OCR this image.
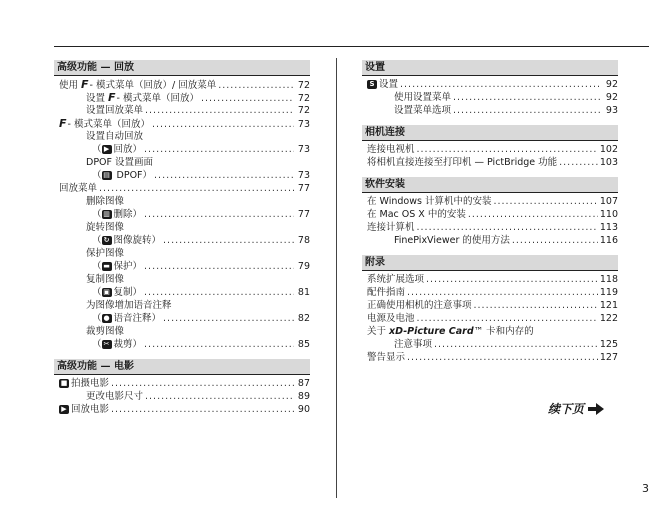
高级功能 — 回放
使用 F- 模式菜单（回放）/ 回放菜单 .....	72
设置 F- 模式菜单（回放） .....	72
设置回放菜单 .....	72
F- 模式菜单（回放） .....	73
设置自动回放
（ ▶ 回放） .....	73
DPOF 设置画面
（ ▤ DPOF） .....	73
回放菜单 .....	77
删除图像
（ ▥ 删除） .....	77
旋转图像
（ ↻ 图像旋转） .....	78
保护图像
（ ▬ 保护） .....	79
复制图像
（ ▣ 复制） .....	81
为图像增加语音注释
（ ● 语音注释） .....	82
裁剪图像
（ ✂ 裁剪） .....	85
高级功能 — 电影
■ 拍摄电影 .....	87
更改电影尺寸 .....	89
▶ 回放电影 .....	90
设置
S 设置 .....	92
使用设置菜单 .....	92
设置菜单选项 .....	93
相机连接
连接电视机 .....	102
将相机直接连接至打印机 — PictBridge 功能 .....	103
软件安装
在 Windows 计算机中的安装 .....	107
在 Mac OS X 中的安装 .....	110
连接计算机 .....	113
FinePixViewer 的使用方法 .....	116
附录
系统扩展选项 .....	118
配件指南 .....	119
正确使用相机的注意事项 .....	121
电源及电池 .....	122
关于 xD-Picture Card™ 卡和内存的
注意事项 .....	125
警告显示 .....	127
续下页
3
